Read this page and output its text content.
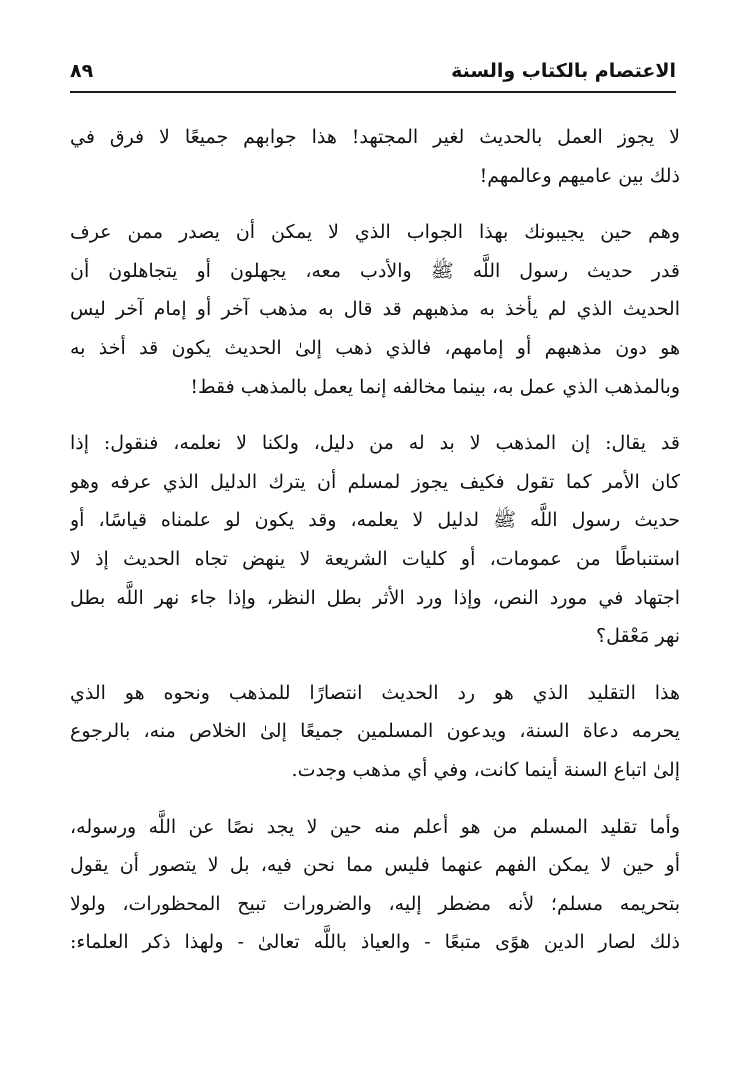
الاعتصام بالكتاب والسنة
٨٩
لا يجوز العمل بالحديث لغير المجتهد! هذا جوابهم جميعًا لا فرق في
ذلك بين عاميهم وعالمهم!
وهم حين يجيبونك بهذا الجواب الذي لا يمكن أن يصدر ممن عرف
قدر حديث رسول اللَّه ﷺ والأدب معه، يجهلون أو يتجاهلون أن
الحديث الذي لم يأخذ به مذهبهم قد قال به مذهب آخر أو إمام آخر ليس
هو دون مذهبهم أو إمامهم، فالذي ذهب إلىٰ الحديث يكون قد أخذ به
وبالمذهب الذي عمل به، بينما مخالفه إنما يعمل بالمذهب فقط!
قد يقال: إن المذهب لا بد له من دليل، ولكنا لا نعلمه، فنقول: إذا
كان الأمر كما تقول فكيف يجوز لمسلم أن يترك الدليل الذي عرفه وهو
حديث رسول اللَّه ﷺ لدليل لا يعلمه، وقد يكون لو علمناه قياسًا، أو
استنباطًا من عمومات، أو كليات الشريعة لا ينهض تجاه الحديث إذ لا
اجتهاد في مورد النص، وإذا ورد الأثر بطل النظر، وإذا جاء نهر اللَّه بطل
نهر مَعْقل؟
هذا التقليد الذي هو رد الحديث انتصارًا للمذهب ونحوه هو الذي
يحرمه دعاة السنة، ويدعون المسلمين جميعًا إلىٰ الخلاص منه، بالرجوع
إلىٰ اتباع السنة أينما كانت، وفي أي مذهب وجدت.
وأما تقليد المسلم من هو أعلم منه حين لا يجد نصًا عن اللَّه ورسوله،
أو حين لا يمكن الفهم عنهما فليس مما نحن فيه، بل لا يتصور أن يقول
بتحريمه مسلم؛ لأنه مضطر إليه، والضرورات تبيح المحظورات، ولولا
ذلك لصار الدين هوًى متبعًا - والعياذ باللَّه تعالىٰ - ولهذا ذكر العلماء:
